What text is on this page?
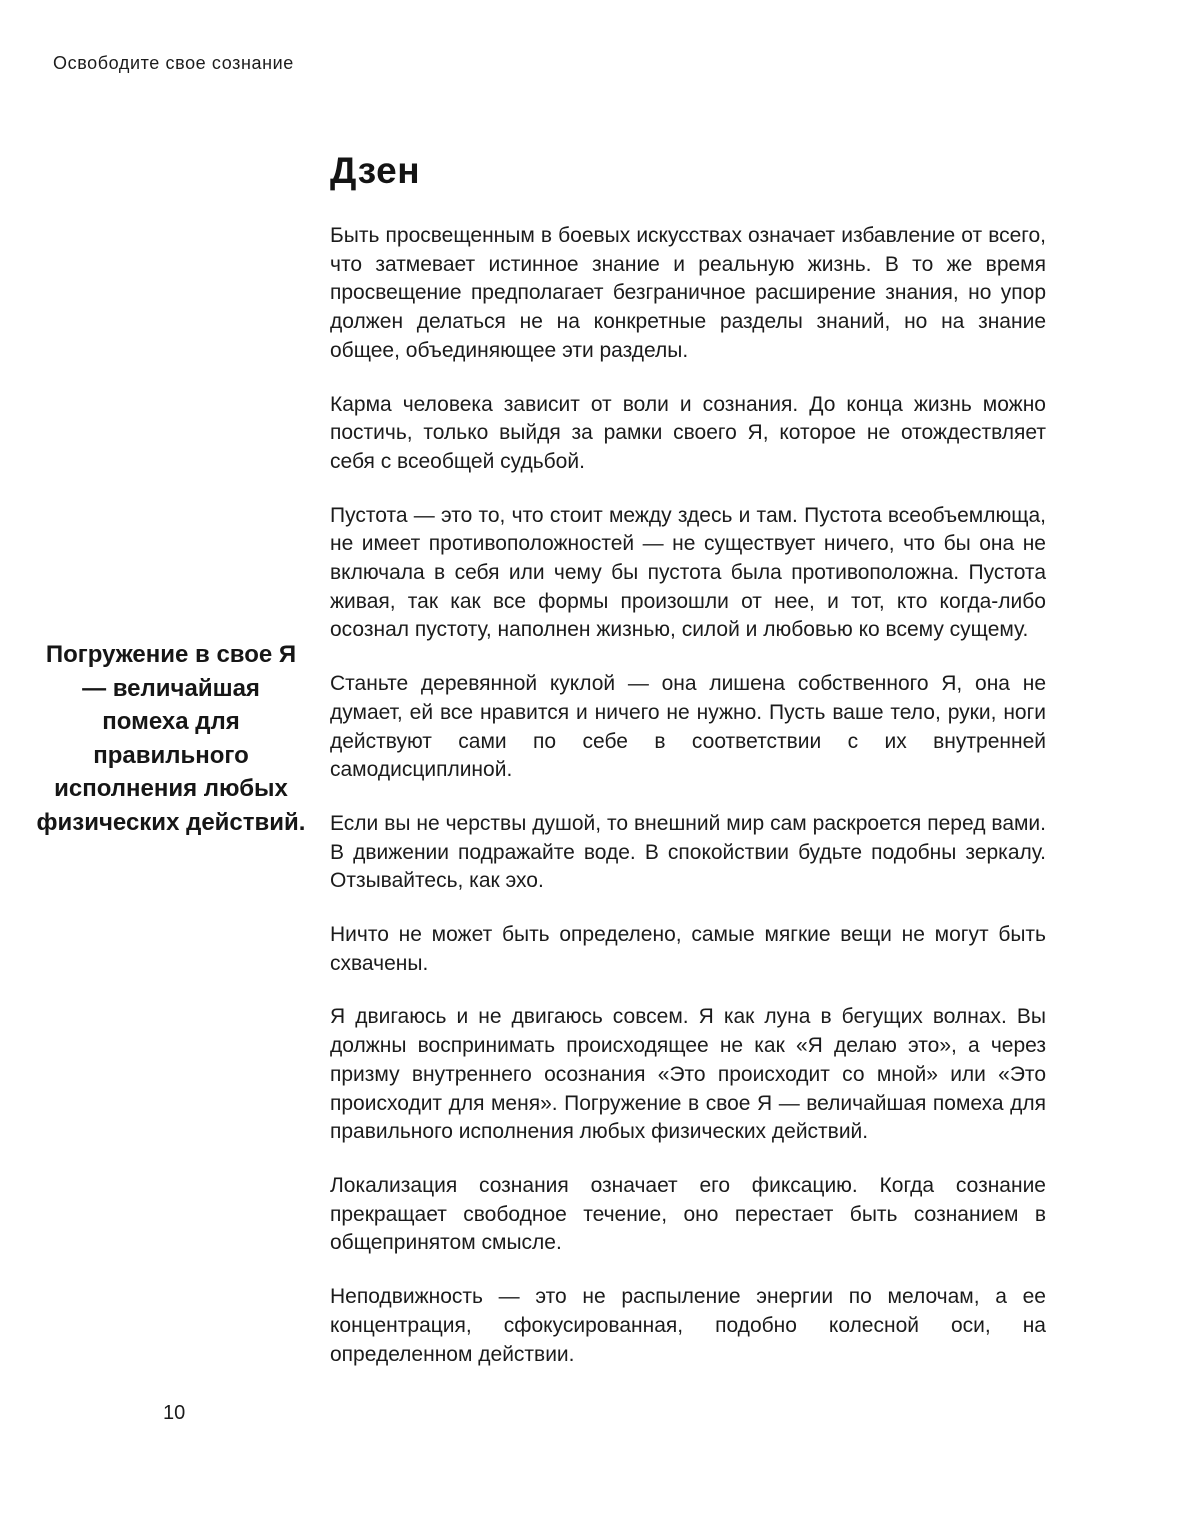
Освободите свое сознание
Погружение в свое Я — величайшая помеха для правильного исполнения любых физических действий.
Дзен

Быть просвещенным в боевых искусствах означает избавление от всего, что затмевает истинное знание и реальную жизнь. В то же время просвещение предполагает безграничное расширение знания, но упор должен делаться не на конкретные разделы знаний, но на знание общее, объединяющее эти разделы.

Карма человека зависит от воли и сознания. До конца жизнь можно постичь, только выйдя за рамки своего Я, которое не отождествляет себя с всеобщей судьбой.

Пустота — это то, что стоит между здесь и там. Пустота всеобъемлюща, не имеет противоположностей — не существует ничего, что бы она не включала в себя или чему бы пустота была противоположна. Пустота живая, так как все формы произошли от нее, и тот, кто когда-либо осознал пустоту, наполнен жизнью, силой и любовью ко всему сущему.

Станьте деревянной куклой — она лишена собственного Я, она не думает, ей все нравится и ничего не нужно. Пусть ваше тело, руки, ноги действуют сами по себе в соответствии с их внутренней самодисциплиной.

Если вы не черствы душой, то внешний мир сам раскроется перед вами. В движении подражайте воде. В спокойствии будьте подобны зеркалу. Отзывайтесь, как эхо.

Ничто не может быть определено, самые мягкие вещи не могут быть схвачены.

Я двигаюсь и не двигаюсь совсем. Я как луна в бегущих волнах. Вы должны воспринимать происходящее не как «Я делаю это», а через призму внутреннего осознания «Это происходит со мной» или «Это происходит для меня». Погружение в свое Я — величайшая помеха для правильного исполнения любых физических действий.

Локализация сознания означает его фиксацию. Когда сознание прекращает свободное течение, оно перестает быть сознанием в общепринятом смысле.

Неподвижность — это не распыление энергии по мелочам, а ее концентрация, сфокусированная, подобно колесной оси, на определенном действии.

10
